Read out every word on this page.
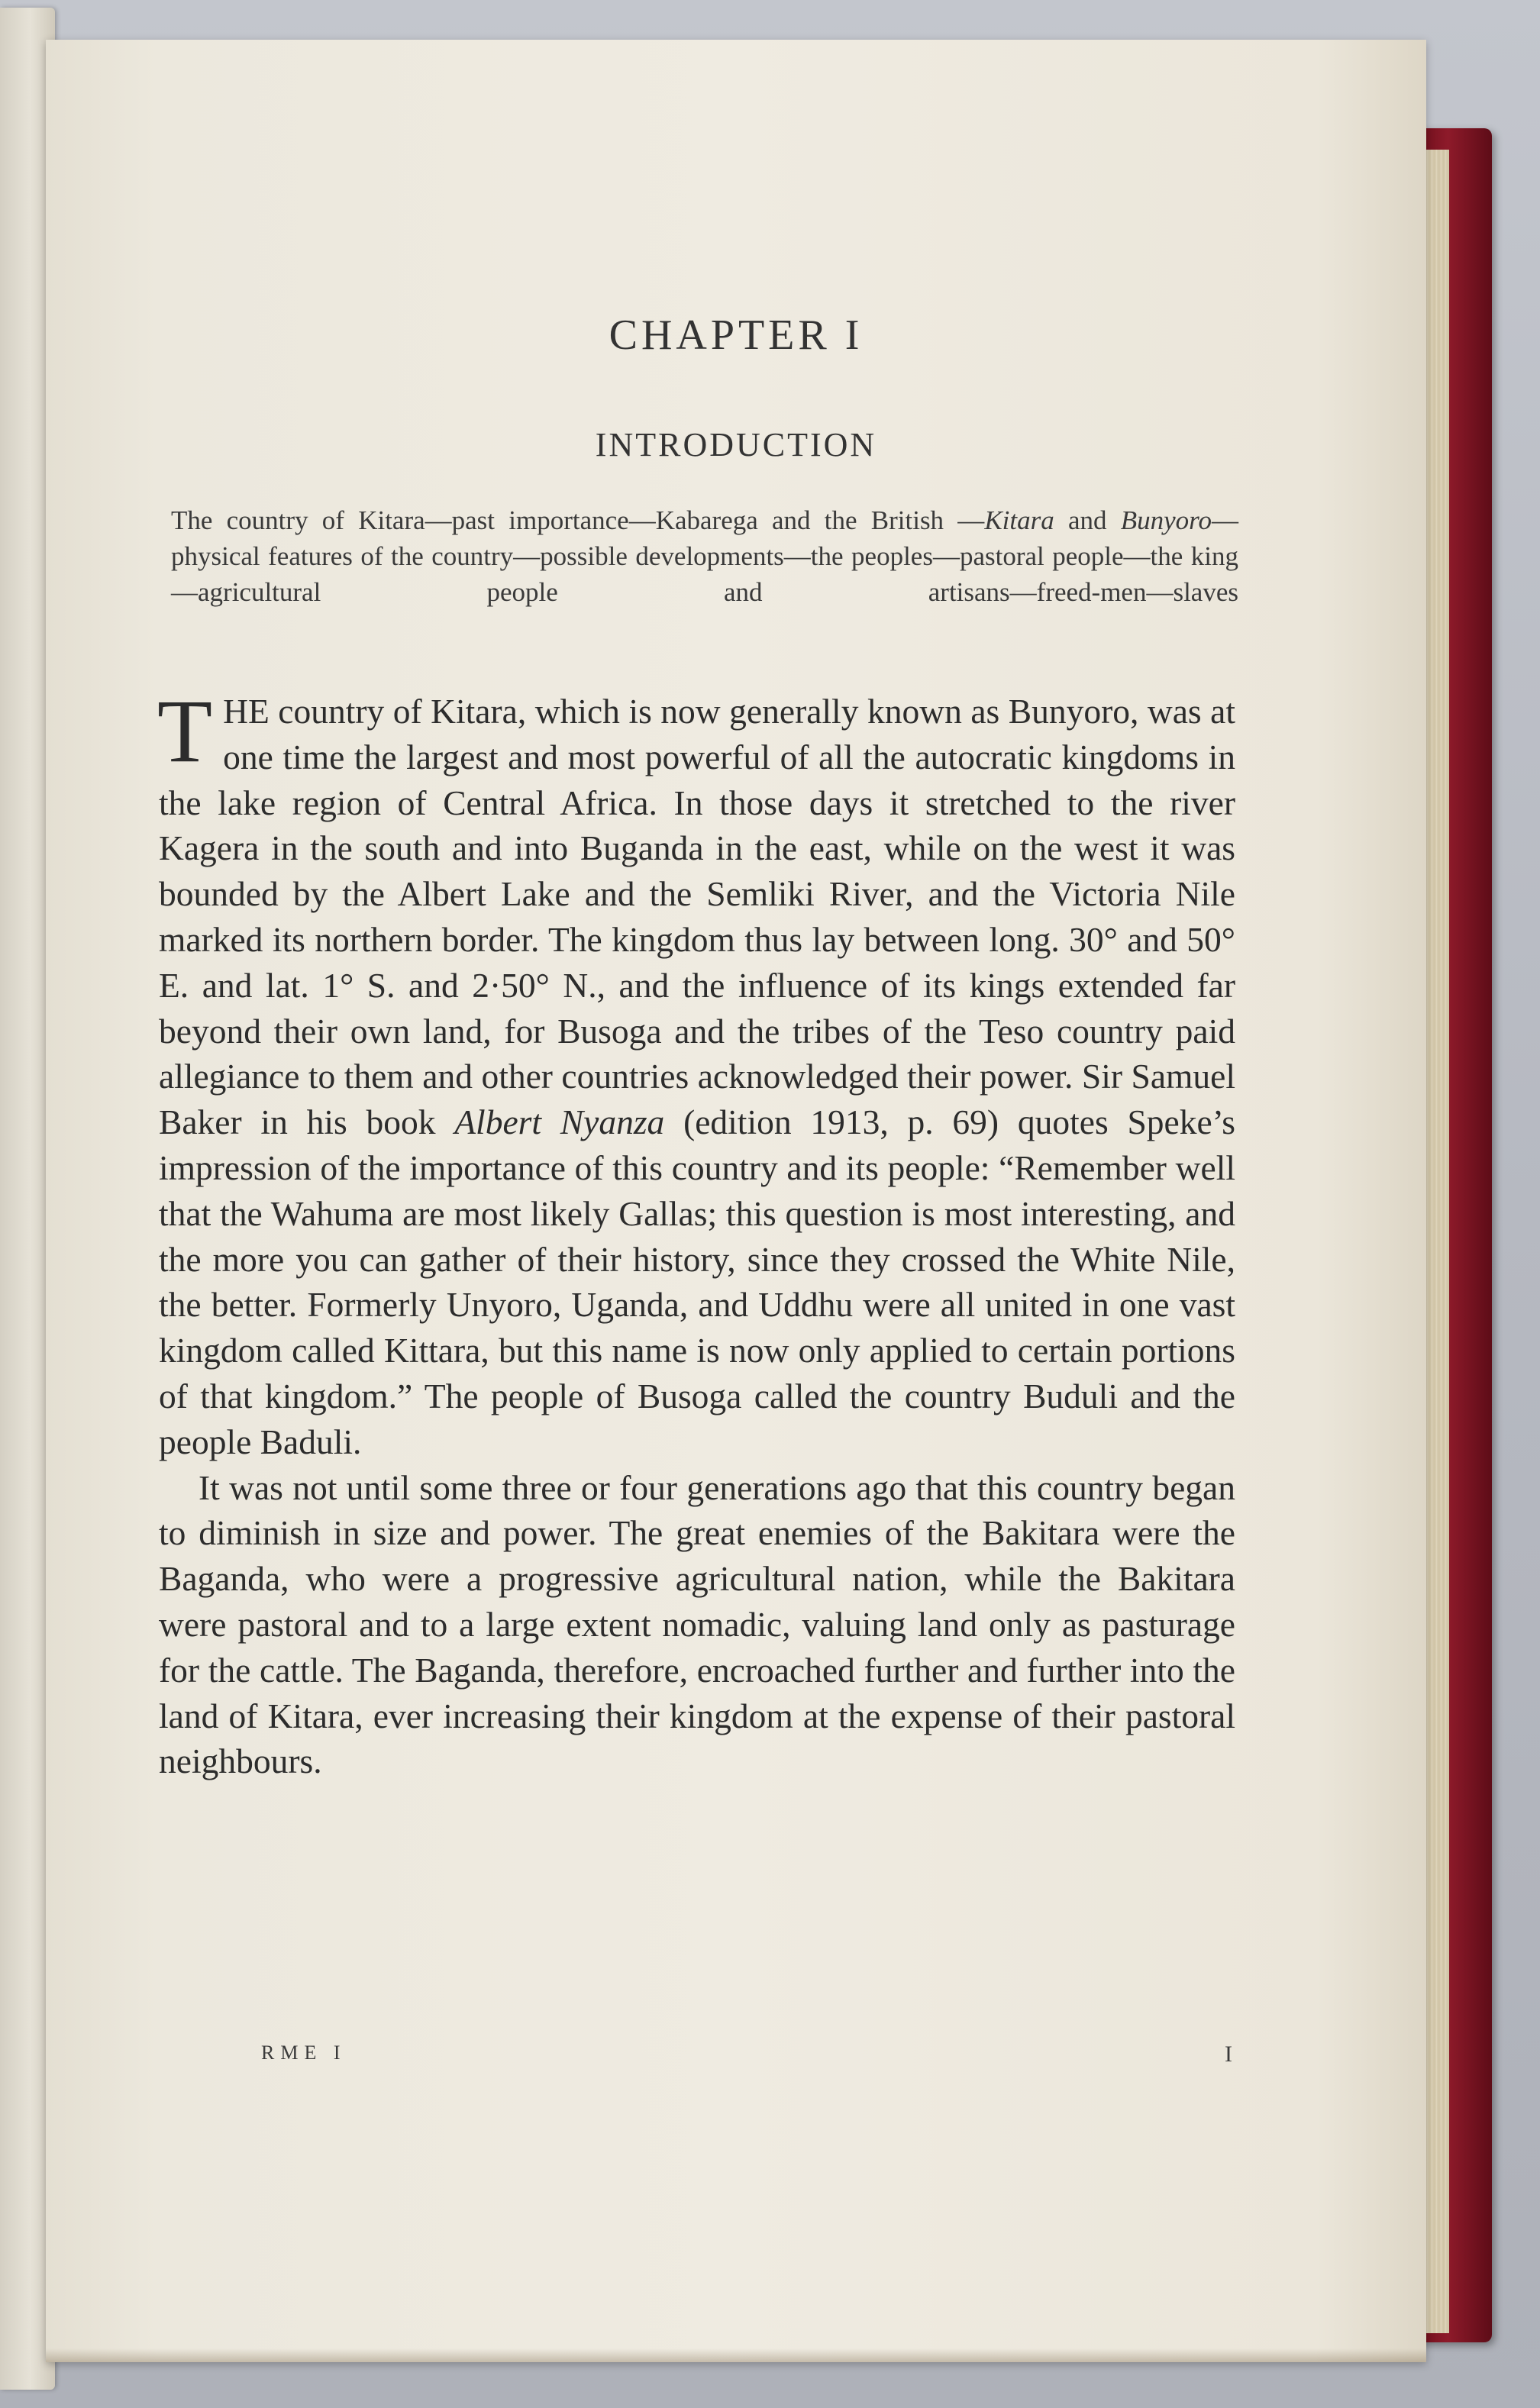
CHAPTER I
INTRODUCTION
The country of Kitara—past importance—Kabarega and the British —Kitara and Bunyoro—physical features of the country—possible developments—the peoples—pastoral people—the king—agricultural people and artisans—freed-men—slaves

THE country of Kitara, which is now generally known as Bunyoro, was at one time the largest and most powerful of all the autocratic kingdoms in the lake region of Central Africa. In those days it stretched to the river Kagera in the south and into Buganda in the east, while on the west it was bounded by the Albert Lake and the Semliki River, and the Victoria Nile marked its northern border. The kingdom thus lay between long. 30° and 50° E. and lat. 1° S. and 2·50° N., and the influence of its kings extended far beyond their own land, for Busoga and the tribes of the Teso country paid allegiance to them and other countries acknowledged their power. Sir Samuel Baker in his book Albert Nyanza (edition 1913, p. 69) quotes Speke’s impression of the importance of this country and its people: “Remember well that the Wahuma are most likely Gallas; this question is most interesting, and the more you can gather of their history, since they crossed the White Nile, the better. Formerly Unyoro, Uganda, and Uddhu were all united in one vast kingdom called Kittara, but this name is now only applied to certain portions of that kingdom.” The people of Busoga called the country Buduli and the people Baduli.

It was not until some three or four generations ago that this country began to diminish in size and power. The great enemies of the Bakitara were the Baganda, who were a progressive agricultural nation, while the Bakitara were pastoral and to a large extent nomadic, valuing land only as pasturage for the cattle. The Baganda, therefore, encroached further and further into the land of Kitara, ever increasing their kingdom at the expense of their pastoral neighbours.

RME I	I
